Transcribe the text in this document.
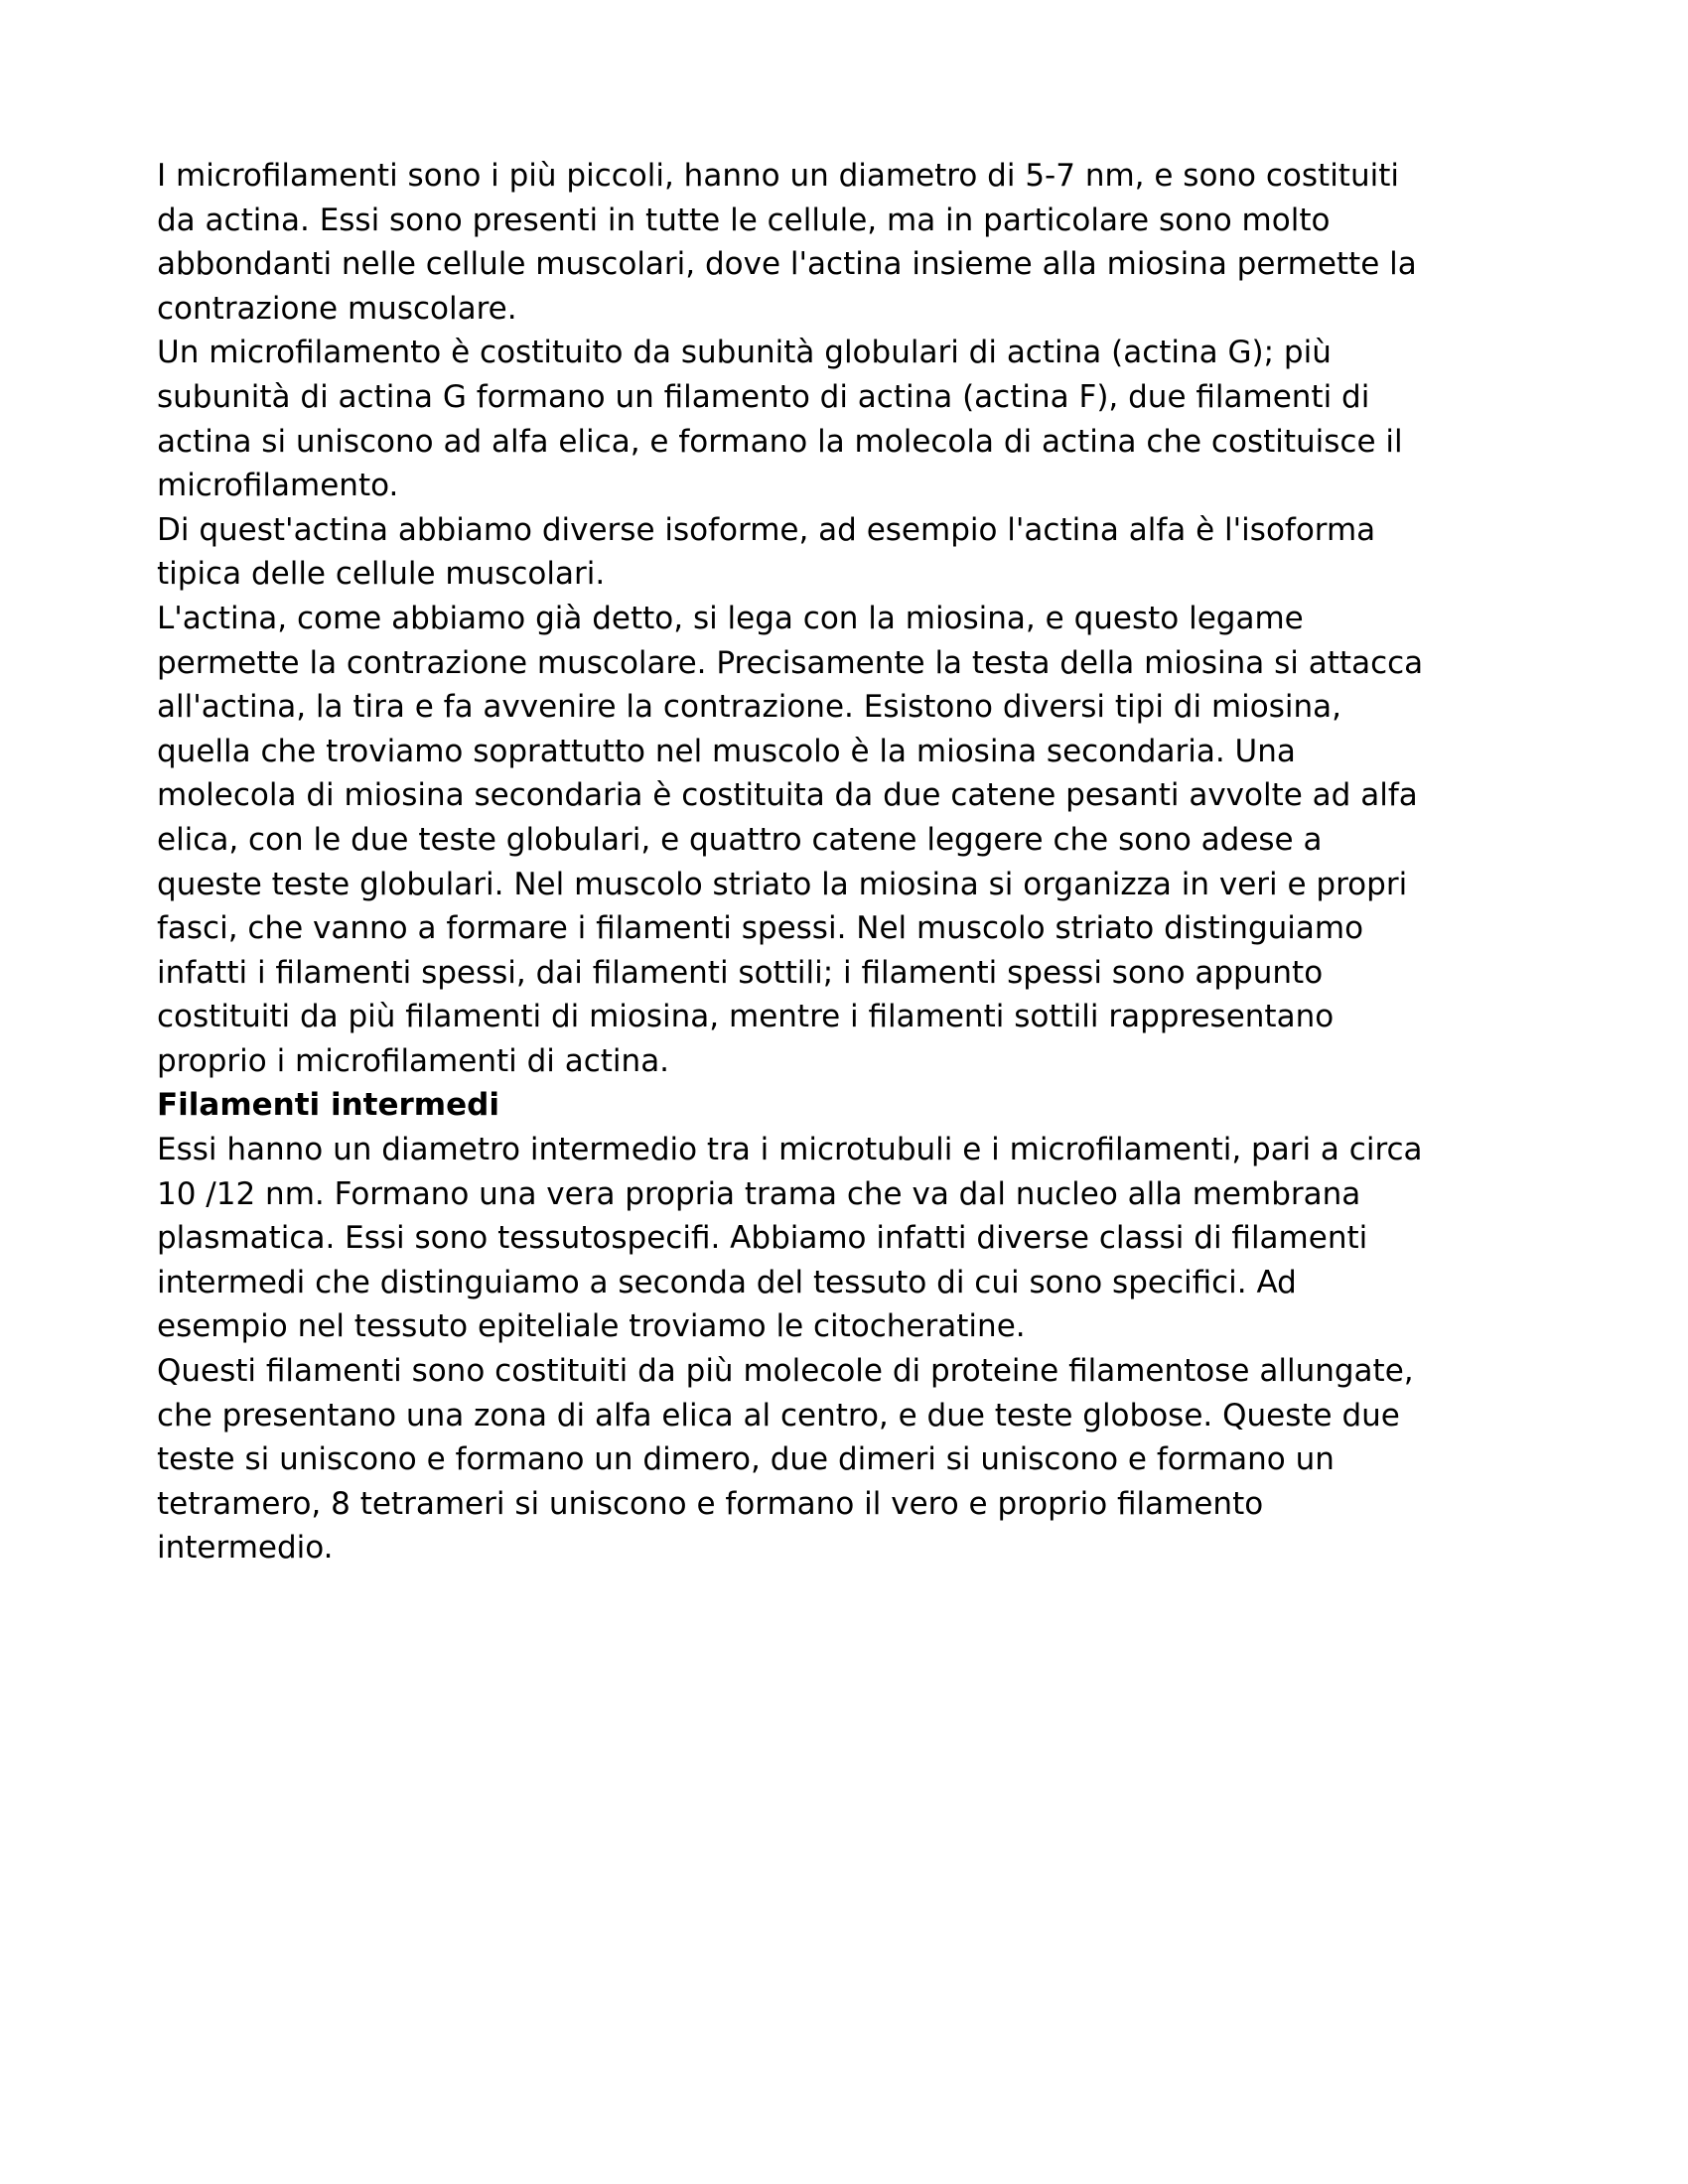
I microfilamenti sono i più piccoli, hanno un diametro di 5-7 nm, e sono costituiti
da actina. Essi sono presenti in tutte le cellule, ma in particolare sono molto
abbondanti nelle cellule muscolari, dove l'actina insieme alla miosina permette la
contrazione muscolare.

Un microfilamento è costituito da subunità globulari di actina (actina G); più
subunità di actina G formano un filamento di actina (actina F), due filamenti di
actina si uniscono ad alfa elica, e formano la molecola di actina che costituisce il
microfilamento.

Di quest'actina abbiamo diverse isoforme, ad esempio l'actina alfa è l'isoforma
tipica delle cellule muscolari.

L'actina, come abbiamo già detto, si lega con la miosina, e questo legame
permette la contrazione muscolare. Precisamente la testa della miosina si attacca
all'actina, la tira e fa avvenire la contrazione. Esistono diversi tipi di miosina,
quella che troviamo soprattutto nel muscolo è la miosina secondaria. Una
molecola di miosina secondaria è costituita da due catene pesanti avvolte ad alfa
elica, con le due teste globulari, e quattro catene leggere che sono adese a
queste teste globulari. Nel muscolo striato la miosina si organizza in veri e propri
fasci, che vanno a formare i filamenti spessi. Nel muscolo striato distinguiamo
infatti i filamenti spessi, dai filamenti sottili; i filamenti spessi sono appunto
costituiti da più filamenti di miosina, mentre i filamenti sottili rappresentano
proprio i microfilamenti di actina.

Filamenti intermedi

Essi hanno un diametro intermedio tra i microtubuli e i microfilamenti, pari a circa
10 /12 nm. Formano una vera propria trama che va dal nucleo alla membrana
plasmatica. Essi sono tessutospecifi. Abbiamo infatti diverse classi di filamenti
intermedi che distinguiamo a seconda del tessuto di cui sono specifici. Ad
esempio nel tessuto epiteliale troviamo le citocheratine.

Questi filamenti sono costituiti da più molecole di proteine filamentose allungate,
che presentano una zona di alfa elica al centro, e due teste globose. Queste due
teste si uniscono e formano un dimero, due dimeri si uniscono e formano un
tetramero, 8 tetrameri si uniscono e formano il vero e proprio filamento
intermedio.
